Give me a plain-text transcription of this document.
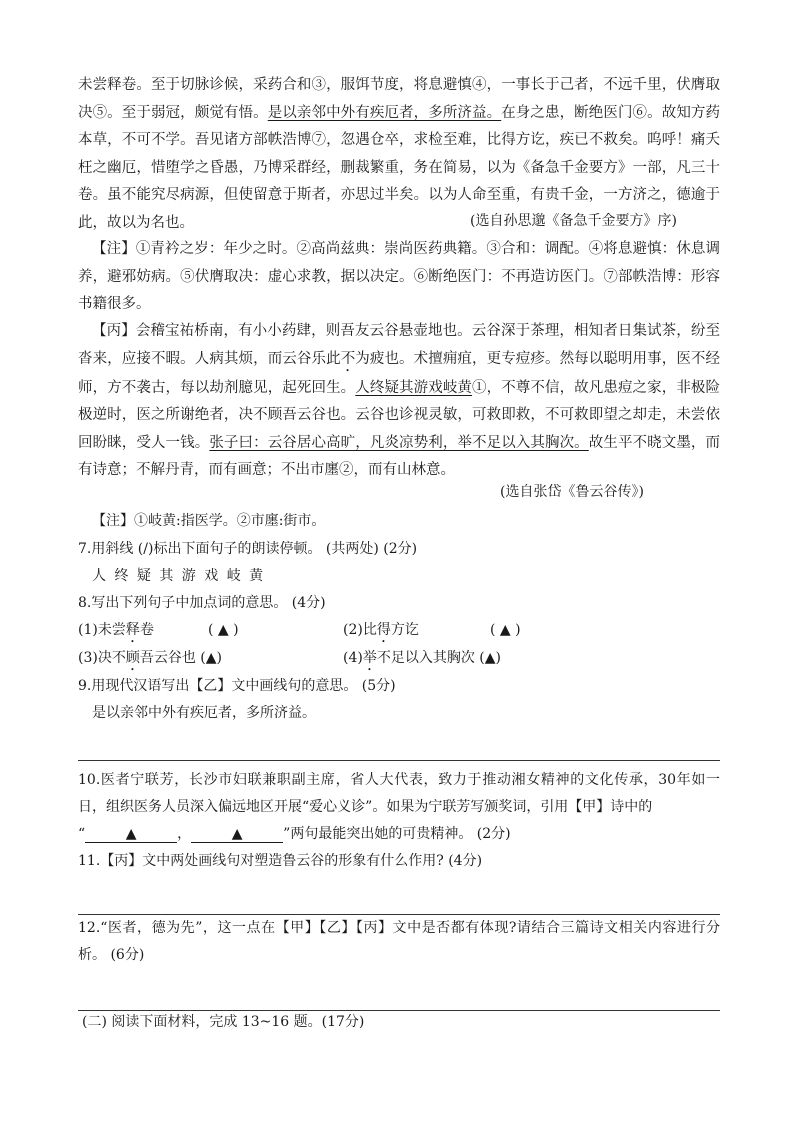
未尝释卷。至于切脉诊候，采药合和③，服饵节度，将息避慎④，一事长于己者，不远千里，伏膺取决⑤。至于弱冠，颇觉有悟。是以亲邻中外有疾厄者，多所济益。在身之患，断绝医门⑥。故知方药本草，不可不学。吾见诸方部帙浩博⑦，忽遇仓卒，求检至难，比得方讫，疾已不救矣。呜呼！痛夭枉之幽厄，惜堕学之昏愚，乃博采群经，删裁繁重，务在简易，以为《备急千金要方》一部，凡三十卷。虽不能究尽病源，但使留意于斯者，亦思过半矣。以为人命至重，有贵千金，一方济之，德逾于此，故以为名也。	(选自孙思邈《备急千金要方》序)

【注】①青衿之岁：年少之时。②高尚兹典：崇尚医药典籍。③合和：调配。④将息避慎：休息调养，避邪妨病。⑤伏膺取决：虚心求教，据以决定。⑥断绝医门：不再造访医门。⑦部帙浩博：形容书籍很多。

【丙】会稽宝祐桥南，有小小药肆，则吾友云谷悬壶地也。云谷深于茶理，相知者日集试茶，纷至沓来，应接不暇。人病其烦，而云谷乐此不为疲也。术擅痈疽，更专痘疹。然每以聪明用事，医不经师，方不袭古，每以劫剂臆见，起死回生。人终疑其游戏岐黄①，不尊不信，故凡患痘之家，非极险极逆时，医之所谢绝者，决不顾吾云谷也。云谷也诊视灵敏，可救即救，不可救即望之却走，未尝依回盼睐，受人一钱。张子曰：云谷居心高旷，凡炎凉势利，举不足以入其胸次。故生平不晓文墨，而有诗意；不解丹青，而有画意；不出市廛②，而有山林意。

(选自张岱《鲁云谷传》)
【注】①岐黄:指医学。②市廛:街市。
7.用斜线 (/)标出下面句子的朗读停顿。 (共两处) (2分)
人 终 疑 其 游 戏 岐 黄
8.写出下列句子中加点词的意思。 (4分)
(1)未尝释卷	( ▲ )	(2)比得方讫	( ▲ )
(3)决不顾吾云谷也 (▲)	(4)举不足以入其胸次 (▲)
9.用现代汉语写出【乙】文中画线句的意思。 (5分)
是以亲邻中外有疾厄者，多所济益。

10.医者宁联芳，长沙市妇联兼职副主席，省人大代表，致力于推动湘女精神的文化传承，30年如一日，组织医务人员深入偏远地区开展“爱心义诊”。如果为宁联芳写颁奖词，引用【甲】诗中的
“	▲	，	▲	”两句最能突出她的可贵精神。 (2分)

11.【丙】文中两处画线句对塑造鲁云谷的形象有什么作用? (4分)

12.“医者，德为先”，这一点在【甲】【乙】【丙】文中是否都有体现?请结合三篇诗文相关内容进行分析。 (6分)

(二) 阅读下面材料，完成 13~16 题。(17分)
